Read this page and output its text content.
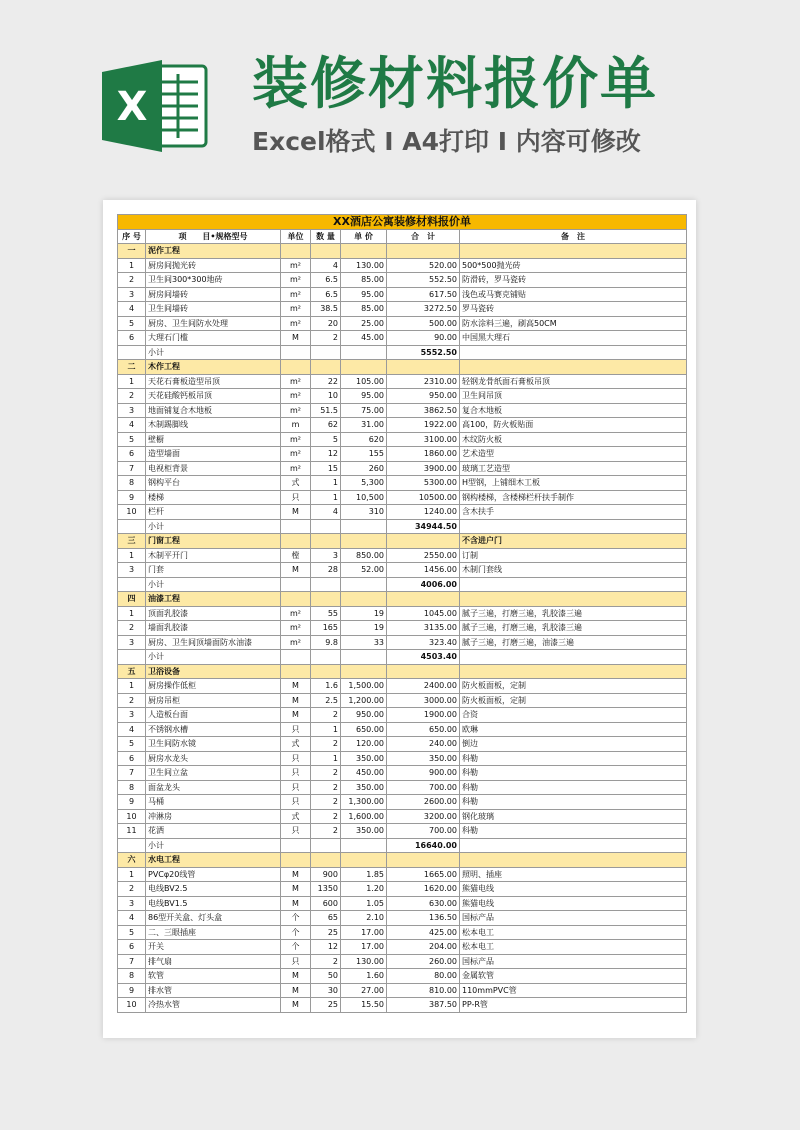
X 装修材料报价单
Excel格式 I A4打印 I 内容可修改
XX酒店公寓装修材料报价单						
序 号	项　　目•规格型号	单位	数 量	单 价	合　计	备　注
一	泥作工程					
1	厨房间抛光砖	m²	4	130.00	520.00	500*500抛光砖
2	卫生间300*300地砖	m²	6.5	85.00	552.50	防滑砖，罗马瓷砖
3	厨房间墙砖	m²	6.5	95.00	617.50	浅色或马赛克铺贴
4	卫生间墙砖	m²	38.5	85.00	3272.50	罗马瓷砖
5	厨房、卫生间防水处理	m²	20	25.00	500.00	防水涂料三遍，刷高50CM
6	大理石门槛	M	2	45.00	90.00	中国黑大理石
	小计				5552.50	
二	木作工程					
1	天花石膏板造型吊顶	m²	22	105.00	2310.00	轻钢龙骨纸面石膏板吊顶
2	天花硅酸钙板吊顶	m²	10	95.00	950.00	卫生间吊顶
3	地面铺复合木地板	m²	51.5	75.00	3862.50	复合木地板
4	木制踢脚线	m	62	31.00	1922.00	高100，防火板贴面
5	壁橱	m²	5	620	3100.00	木纹防火板
6	造型墙面	m²	12	155	1860.00	艺术造型
7	电视柜背景	m²	15	260	3900.00	玻璃工艺造型
8	钢构平台	式	1	5,300	5300.00	H型钢，上铺细木工板
9	楼梯	只	1	10,500	10500.00	钢构楼梯，含楼梯栏杆扶手制作
10	栏杆	M	4	310	1240.00	含木扶手
	小计				34944.50	
三	门窗工程					不含进户门
1	木制平开门	樘	3	850.00	2550.00	订制
3	门套	M	28	52.00	1456.00	木制门套线
	小计				4006.00	
四	油漆工程					
1	顶面乳胶漆	m²	55	19	1045.00	腻子三遍，打磨三遍，乳胶漆三遍
2	墙面乳胶漆	m²	165	19	3135.00	腻子三遍，打磨三遍，乳胶漆三遍
3	厨房、卫生间顶墙面防水油漆	m²	9.8	33	323.40	腻子三遍，打磨三遍，油漆三遍
	小计				4503.40	
五	卫浴设备					
1	厨房操作低柜	M	1.6	1,500.00	2400.00	防火板面板，定制
2	厨房吊柜	M	2.5	1,200.00	3000.00	防火板面板，定制
3	人造板台面	M	2	950.00	1900.00	合资
4	不锈钢水槽	只	1	650.00	650.00	欧琳
5	卫生间防水镜	式	2	120.00	240.00	倒边
6	厨房水龙头	只	1	350.00	350.00	科勒
7	卫生间立盆	只	2	450.00	900.00	科勒
8	面盆龙头	只	2	350.00	700.00	科勒
9	马桶	只	2	1,300.00	2600.00	科勒
10	冲淋房	式	2	1,600.00	3200.00	钢化玻璃
11	花洒	只	2	350.00	700.00	科勒
	小计				16640.00	
六	水电工程					
1	PVCφ20线管	M	900	1.85	1665.00	照明、插座
2	电线BV2.5	M	1350	1.20	1620.00	熊猫电线
3	电线BV1.5	M	600	1.05	630.00	熊猫电线
4	86型开关盒、灯头盒	个	65	2.10	136.50	国标产品
5	二、三眼插座	个	25	17.00	425.00	松本电工
6	开关	个	12	17.00	204.00	松本电工
7	排气扇	只	2	130.00	260.00	国标产品
8	软管	M	50	1.60	80.00	金属软管
9	排水管	M	30	27.00	810.00	110mmPVC管
10	冷热水管	M	25	15.50	387.50	PP-R管
